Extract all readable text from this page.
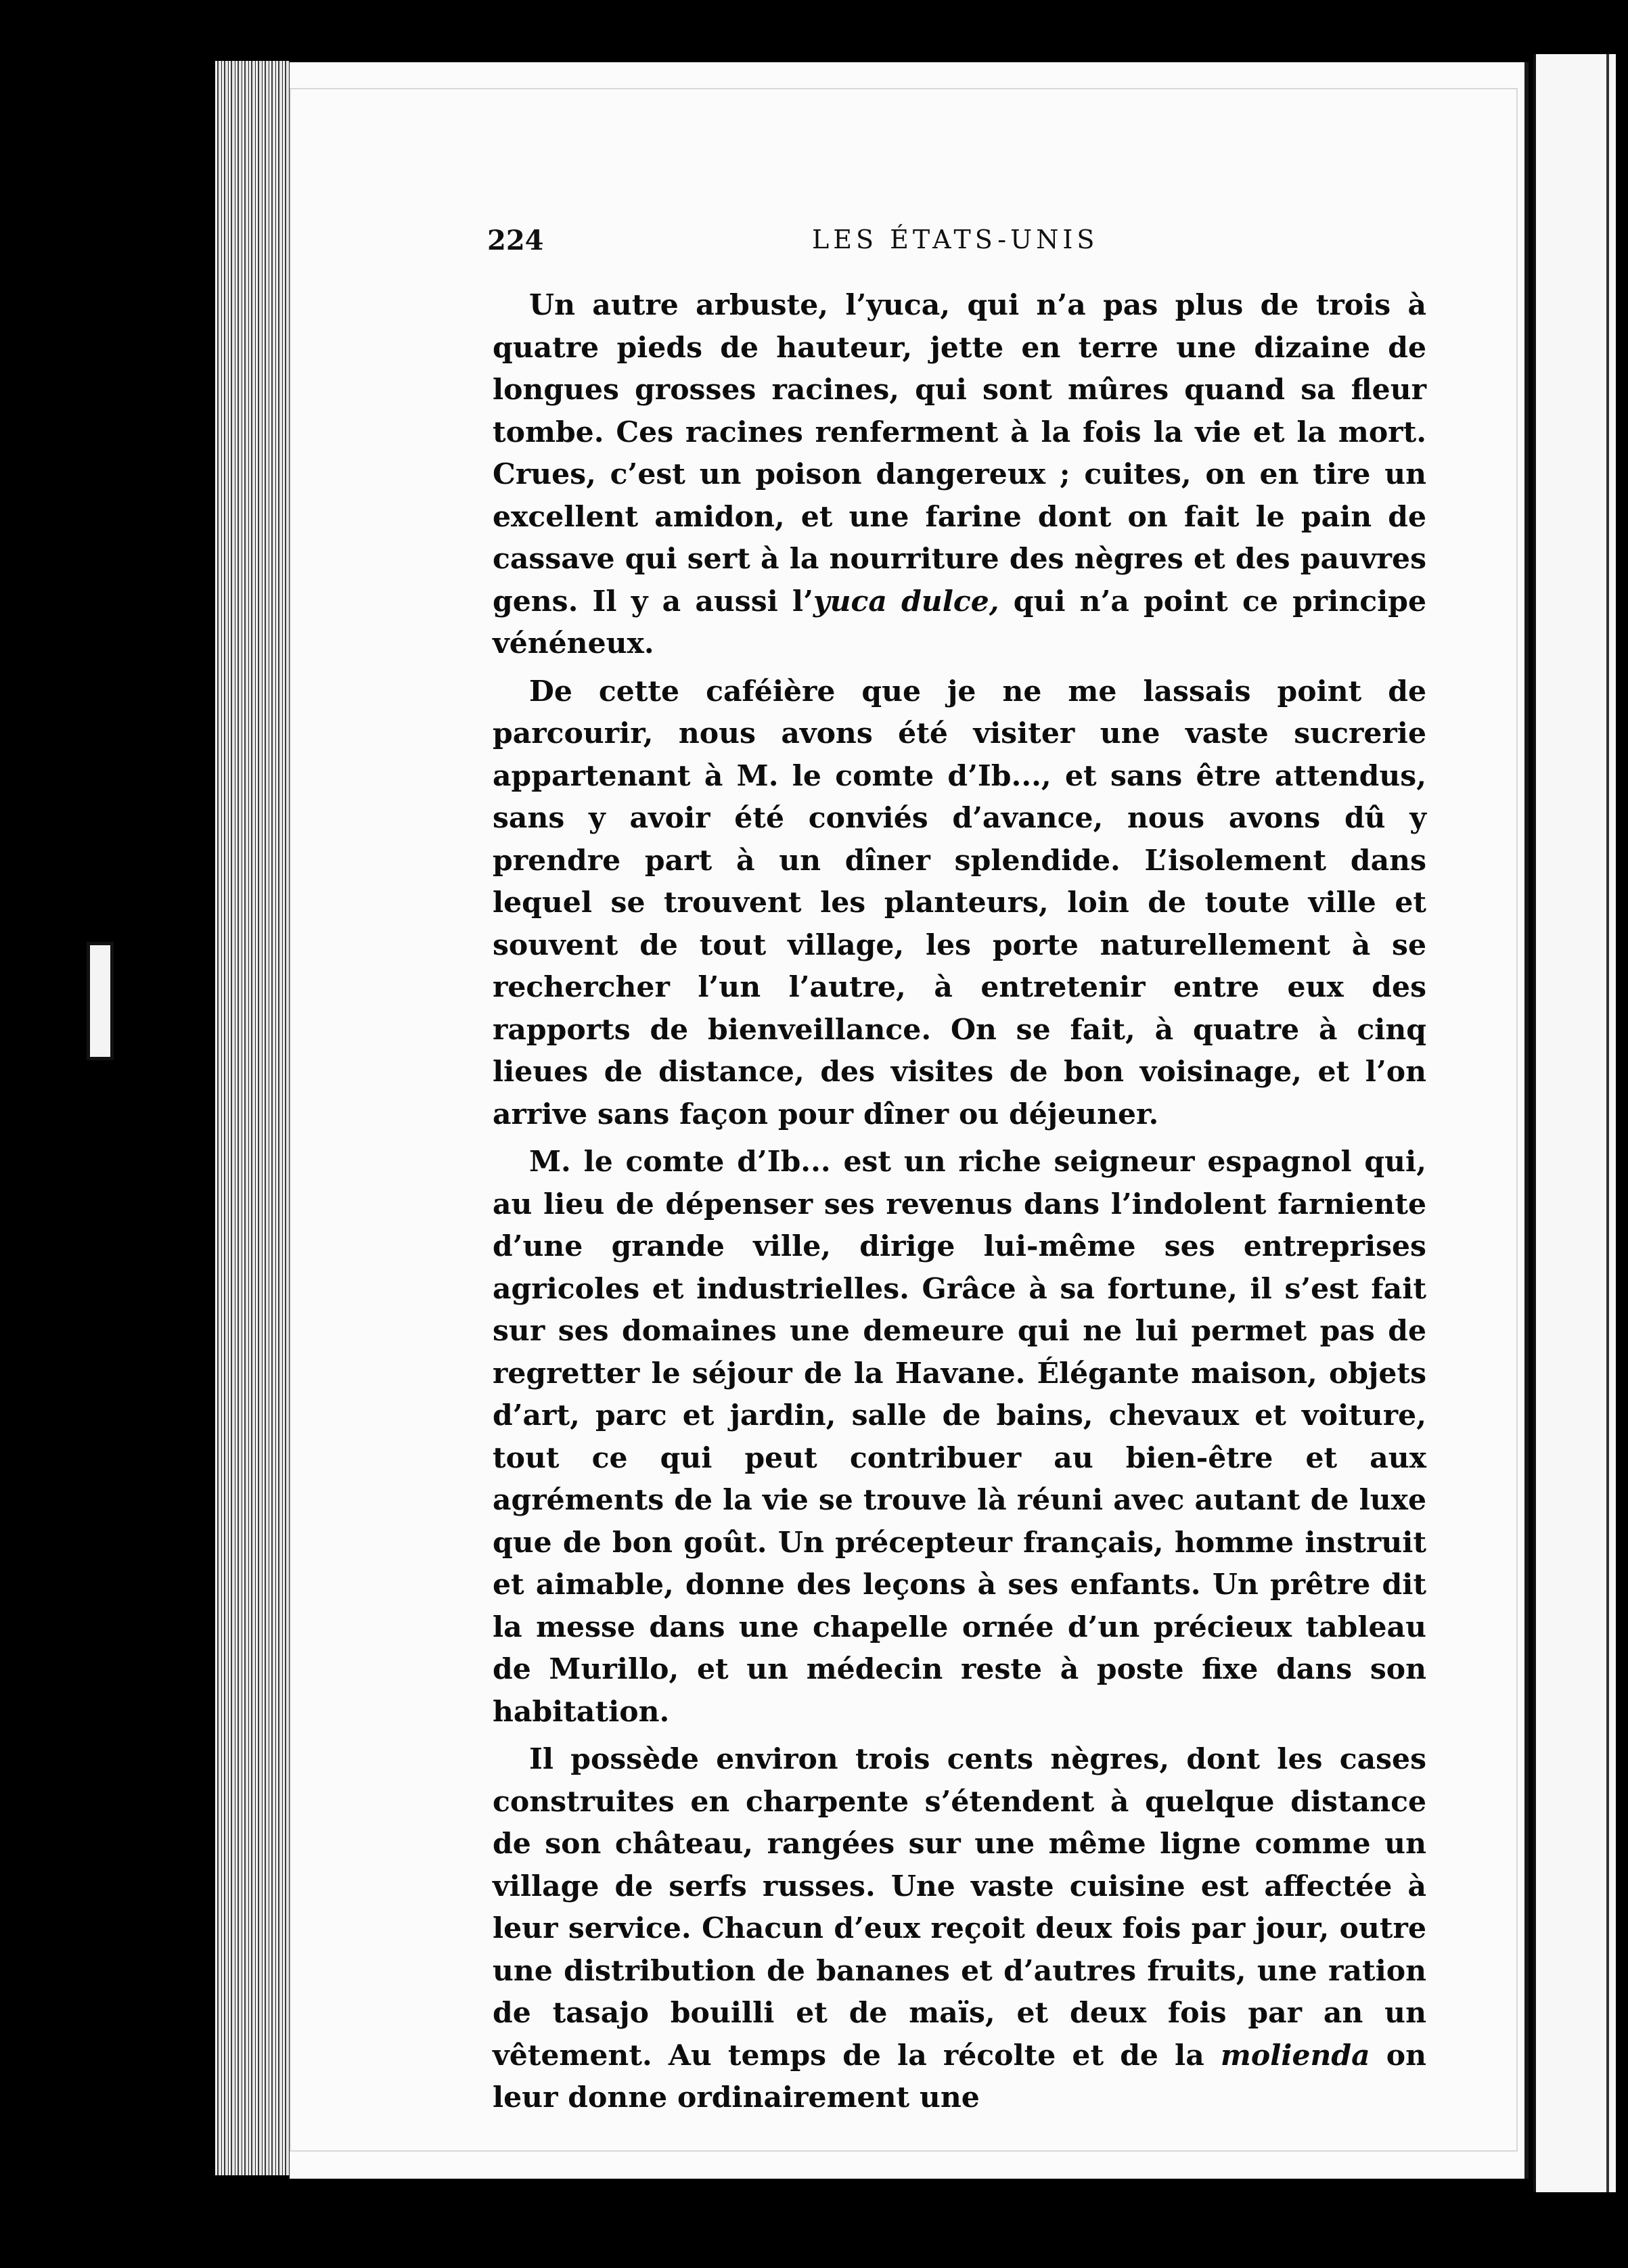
224	LES ÉTATS-UNIS

Un autre arbuste, l’yuca, qui n’a pas plus de trois à quatre pieds de hauteur, jette en terre une dizaine de longues grosses racines, qui sont mûres quand sa fleur tombe. Ces racines renferment à la fois la vie et la mort. Crues, c’est un poison dangereux ; cuites, on en tire un excellent amidon, et une farine dont on fait le pain de cassave qui sert à la nourriture des nègres et des pauvres gens. Il y a aussi l’yuca dulce, qui n’a point ce principe vénéneux.

De cette caféière que je ne me lassais point de parcourir, nous avons été visiter une vaste sucrerie appartenant à M. le comte d’Ib..., et sans être attendus, sans y avoir été conviés d’avance, nous avons dû y prendre part à un dîner splendide. L’isolement dans lequel se trouvent les planteurs, loin de toute ville et souvent de tout village, les porte naturellement à se rechercher l’un l’autre, à entretenir entre eux des rapports de bienveillance. On se fait, à quatre à cinq lieues de distance, des visites de bon voisinage, et l’on arrive sans façon pour dîner ou déjeuner.

M. le comte d’Ib... est un riche seigneur espagnol qui, au lieu de dépenser ses revenus dans l’indolent farniente d’une grande ville, dirige lui-même ses entreprises agricoles et industrielles. Grâce à sa fortune, il s’est fait sur ses domaines une demeure qui ne lui permet pas de regretter le séjour de la Havane. Élégante maison, objets d’art, parc et jardin, salle de bains, chevaux et voiture, tout ce qui peut contribuer au bien-être et aux agréments de la vie se trouve là réuni avec autant de luxe que de bon goût. Un précepteur français, homme instruit et aimable, donne des leçons à ses enfants. Un prêtre dit la messe dans une chapelle ornée d’un précieux tableau de Murillo, et un médecin reste à poste fixe dans son habitation.

Il possède environ trois cents nègres, dont les cases construites en charpente s’étendent à quelque distance de son château, rangées sur une même ligne comme un village de serfs russes. Une vaste cuisine est affectée à leur service. Chacun d’eux reçoit deux fois par jour, outre une distribution de bananes et d’autres fruits, une ration de tasajo bouilli et de maïs, et deux fois par an un vêtement. Au temps de la récolte et de la molienda on leur donne ordinairement une
